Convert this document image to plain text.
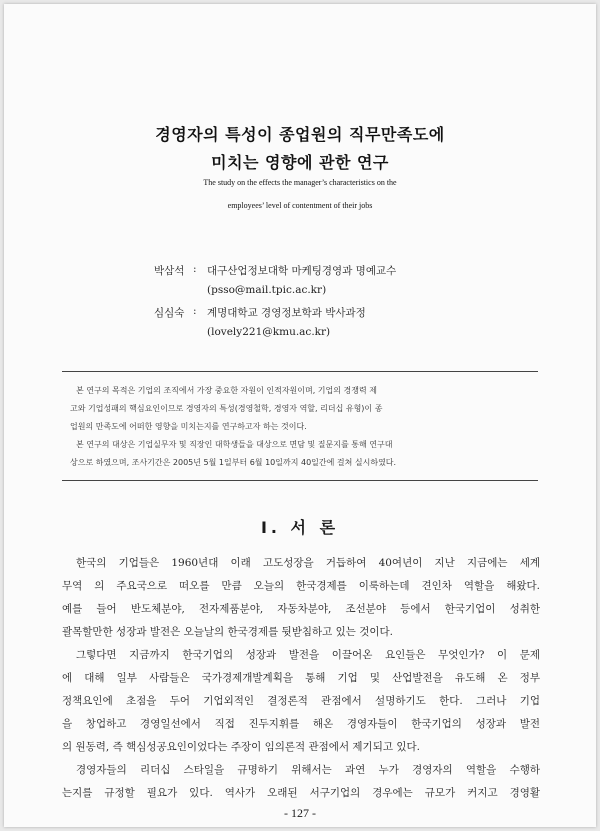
경영자의 특성이 종업원의 직무만족도에
미치는 영향에 관한 연구
The study on the effects the manager’s characteristics on the
employees’ level of contentment of their jobs
박삼석 : 대구산업정보대학 마케팅경영과 명예교수
(psso@mail.tpic.ac.kr)
심심숙 : 계명대학교 경영정보학과 박사과정
(lovely221@kmu.ac.kr)
본 연구의 목적은 기업의 조직에서 가장 중요한 자원이 인적자원이며, 기업의 경쟁력 제
고와 기업성패의 핵심요인이므로 경영자의 특성(경영철학, 경영자 역할, 리더십 유형)이 종
업원의 만족도에 어떠한 영향을 미치는지를 연구하고자 하는 것이다.
본 연구의 대상은 기업실무자 및 직장인 대학생들을 대상으로 면담 및 질문지를 통해 연구대
상으로 하였으며, 조사기간은 2005년 5월 1일부터 6월 10일까지 40일간에 걸쳐 실시하였다.
Ⅰ. 서 론
한국의 기업들은 1960년대 이래 고도성장을 거듭하여 40여년이 지난 지금에는 세계
무역 의 주요국으로 떠오를 만큼 오늘의 한국경제를 이룩하는데 견인차 역할을 해왔다.
예를 들어 반도체분야, 전자제품분야, 자동차분야, 조선분야 등에서 한국기업이 성취한
괄목할만한 성장과 발전은 오늘날의 한국경제를 뒷받침하고 있는 것이다.
그렇다면 지금까지 한국기업의 성장과 발전을 이끌어온 요인들은 무엇인가? 이 문제
에 대해 일부 사람들은 국가경제개발계획을 통해 기업 및 산업발전을 유도해 온 정부
정책요인에 초점을 두어 기업외적인 결정론적 관점에서 설명하기도 한다. 그러나 기업
을 창업하고 경영일선에서 직접 진두지휘를 해온 경영자들이 한국기업의 성장과 발전
의 원동력, 즉 핵심성공요인이었다는 주장이 임의론적 관점에서 제기되고 있다.
경영자들의 리더십 스타일을 규명하기 위해서는 과연 누가 경영자의 역할을 수행하
는지를 규정할 필요가 있다. 역사가 오래된 서구기업의 경우에는 규모가 커지고 경영활
- 127 -
